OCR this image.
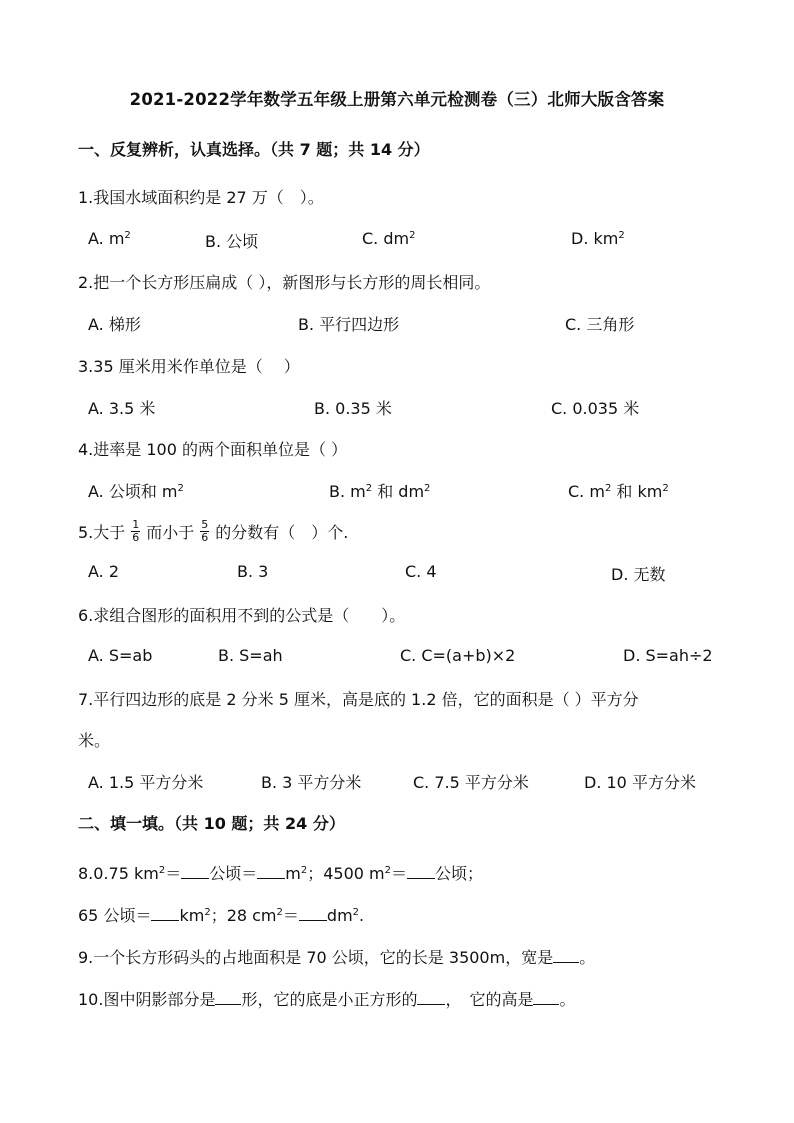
2021-2022学年数学五年级上册第六单元检测卷（三）北师大版含答案
一、反复辨析，认真选择。（共 7 题；共 14 分）
1.我国水域面积约是 27 万（　）。
A. $m^2$	B. 公顷	C. $dm^2$	D. $km^2$
2.把一个长方形压扁成（ ），新图形与长方形的周长相同。
A. 梯形	B. 平行四边形	C. 三角形
3.35 厘米用米作单位是（　 ）
A. 3.5 米	B. 0.35 米	C. 0.035 米
4.进率是 100 的两个面积单位是（ ）
A. 公顷和 $m^2$	B. $m^2$ 和 $dm^2$	C. $m^2$ 和 $km^2$
5.大于 $\frac{1}{6}$ 而小于 $\frac{5}{6}$ 的分数有（　）个.
A. 2	B. 3	C. 4	D. 无数
6.求组合图形的面积用不到的公式是（　　）。
A. S=ab	B. S=ah	C. C=(a+b)×2	D. S=ah÷2
7.平行四边形的底是 2 分米 5 厘米，高是底的 1.2 倍，它的面积是（ ）平方分
米。
A. 1.5 平方分米	B. 3 平方分米	C. 7.5 平方分米	D. 10 平方分米
二、填一填。（共 10 题；共 24 分）
8.0.75 $km^2=$ 公顷＝ $m^2$；4500 $m^2=$ 公顷；
65 公顷＝ $km^2$；28 $cm^2= dm^2$.
9.一个长方形码头的占地面积是 70 公顷，它的长是 3500m，宽是 。
10.图中阴影部分是 形，它的底是小正方形的 ，　它的高是 。
